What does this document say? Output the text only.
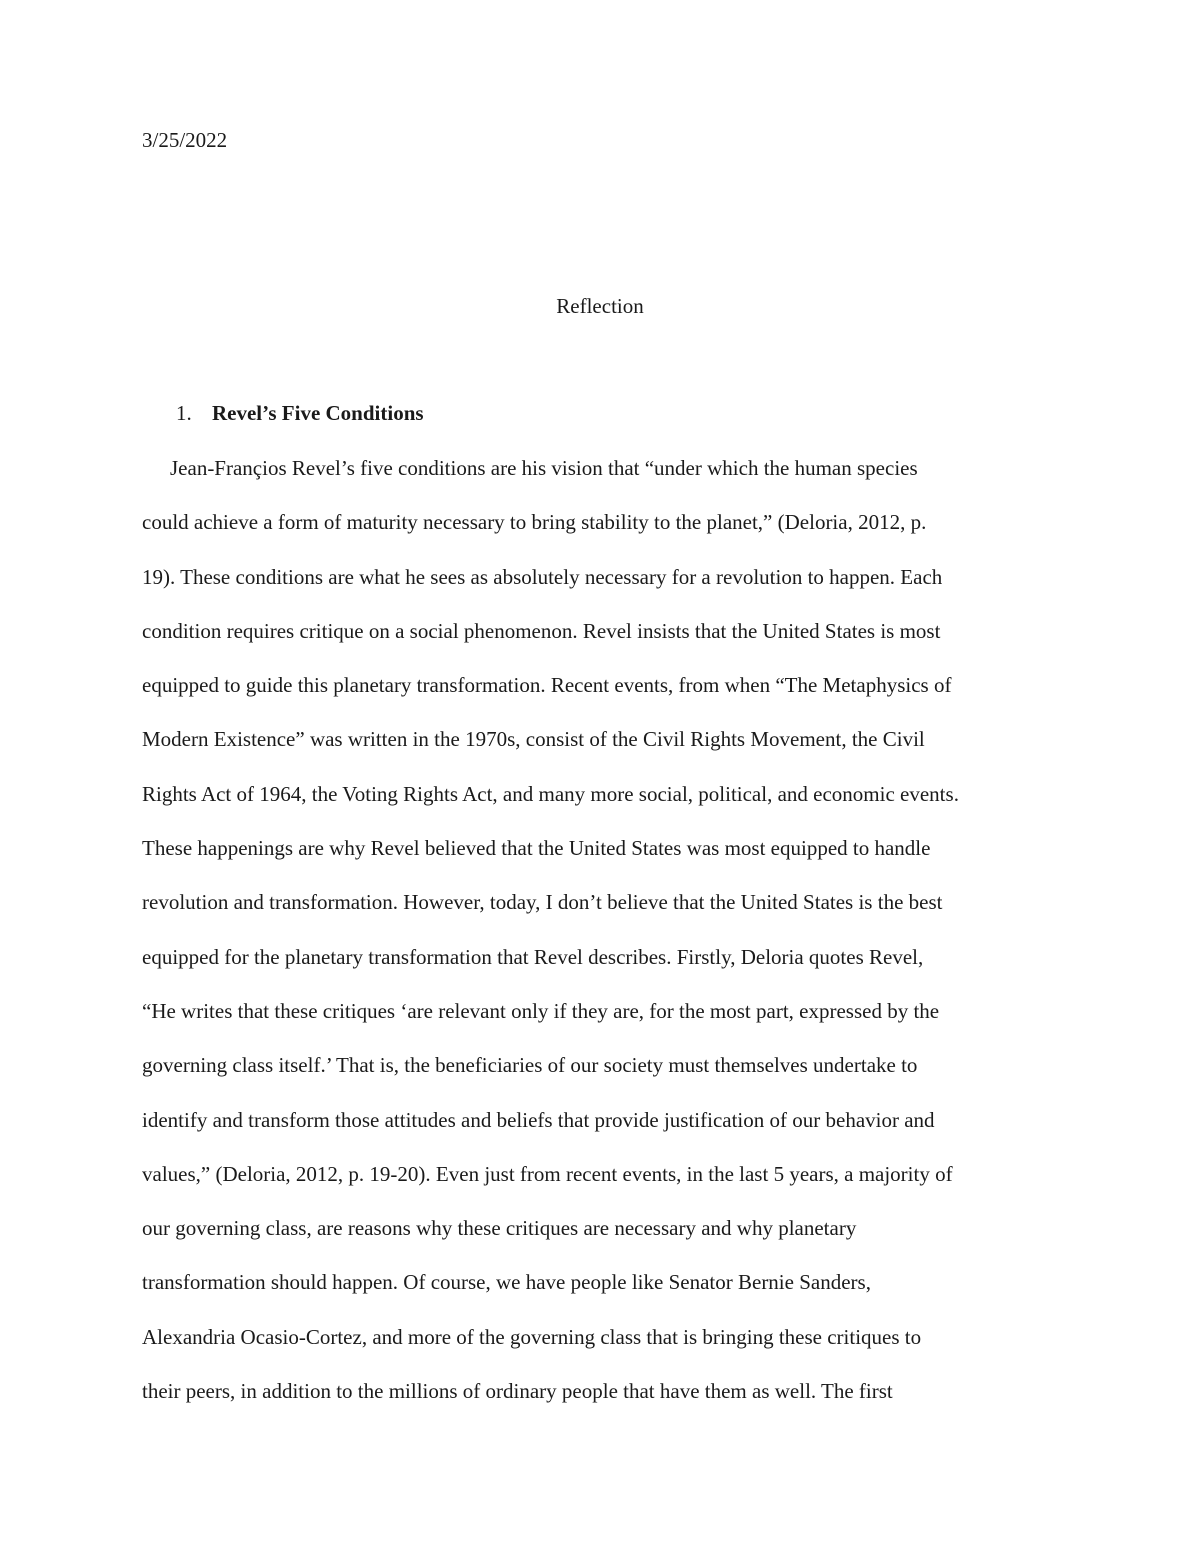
3/25/2022

Reflection

1. Revel’s Five Conditions

Jean-Françios Revel’s five conditions are his vision that “under which the human species
could achieve a form of maturity necessary to bring stability to the planet,” (Deloria, 2012, p.
19). These conditions are what he sees as absolutely necessary for a revolution to happen. Each
condition requires critique on a social phenomenon. Revel insists that the United States is most
equipped to guide this planetary transformation. Recent events, from when “The Metaphysics of
Modern Existence” was written in the 1970s, consist of the Civil Rights Movement, the Civil
Rights Act of 1964, the Voting Rights Act, and many more social, political, and economic events.
These happenings are why Revel believed that the United States was most equipped to handle
revolution and transformation. However, today, I don’t believe that the United States is the best
equipped for the planetary transformation that Revel describes. Firstly, Deloria quotes Revel,
“He writes that these critiques ‘are relevant only if they are, for the most part, expressed by the
governing class itself.’ That is, the beneficiaries of our society must themselves undertake to
identify and transform those attitudes and beliefs that provide justification of our behavior and
values,” (Deloria, 2012, p. 19-20). Even just from recent events, in the last 5 years, a majority of
our governing class, are reasons why these critiques are necessary and why planetary
transformation should happen. Of course, we have people like Senator Bernie Sanders,
Alexandria Ocasio-Cortez, and more of the governing class that is bringing these critiques to
their peers, in addition to the millions of ordinary people that have them as well. The first
